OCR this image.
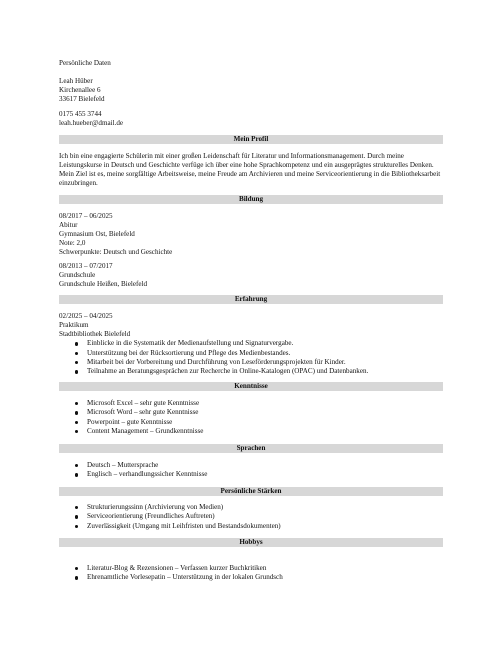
Persönliche Daten
Leah Hüber
Kirchenallee 6
33617 Bielefeld
0175 455 3744
leah.hueber@dmail.de
Mein Profil
Ich bin eine engagierte Schülerin mit einer großen Leidenschaft für Literatur und Informationsmanagement. Durch meine Leistungskurse in Deutsch und Geschichte verfüge ich über eine hohe Sprachkompetenz und ein ausgeprägtes strukturelles Denken. Mein Ziel ist es, meine sorgfältige Arbeitsweise, meine Freude am Archivieren und meine Serviceorientierung in die Bibliotheksarbeit einzubringen.
Bildung
08/2017 – 06/2025
Abitur
Gymnasium Ost, Bielefeld
Note: 2,0
Schwerpunkte: Deutsch und Geschichte
08/2013 – 07/2017
Grundschule
Grundschule Heißen, Bielefeld
Erfahrung
02/2025 – 04/2025
Praktikum
Stadtbibliothek Bielefeld
Einblicke in die Systematik der Medienaufstellung und Signaturvergabe.
Unterstützung bei der Rücksortierung und Pflege des Medienbestandes.
Mitarbeit bei der Vorbereitung und Durchführung von Leseförderungsprojekten für Kinder.
Teilnahme an Beratungsgesprächen zur Recherche in Online-Katalogen (OPAC) und Datenbanken.
Kenntnisse
Microsoft Excel – sehr gute Kenntnisse
Microsoft Word – sehr gute Kenntnisse
Powerpoint – gute Kenntnisse
Content Management – Grundkenntnisse
Sprachen
Deutsch – Muttersprache
Englisch – verhandlungssicher Kenntnisse
Persönliche Stärken
Strukturierungssinn (Archivierung von Medien)
Serviceorientierung (Freundliches Auftreten)
Zuverlässigkeit (Umgang mit Leihfristen und Bestandsdokumenten)
Hobbys
Literatur-Blog & Rezensionen – Verfassen kurzer Buchkritiken
Ehrenamtliche Vorlesepatin – Unterstützung in der lokalen Grundsch
